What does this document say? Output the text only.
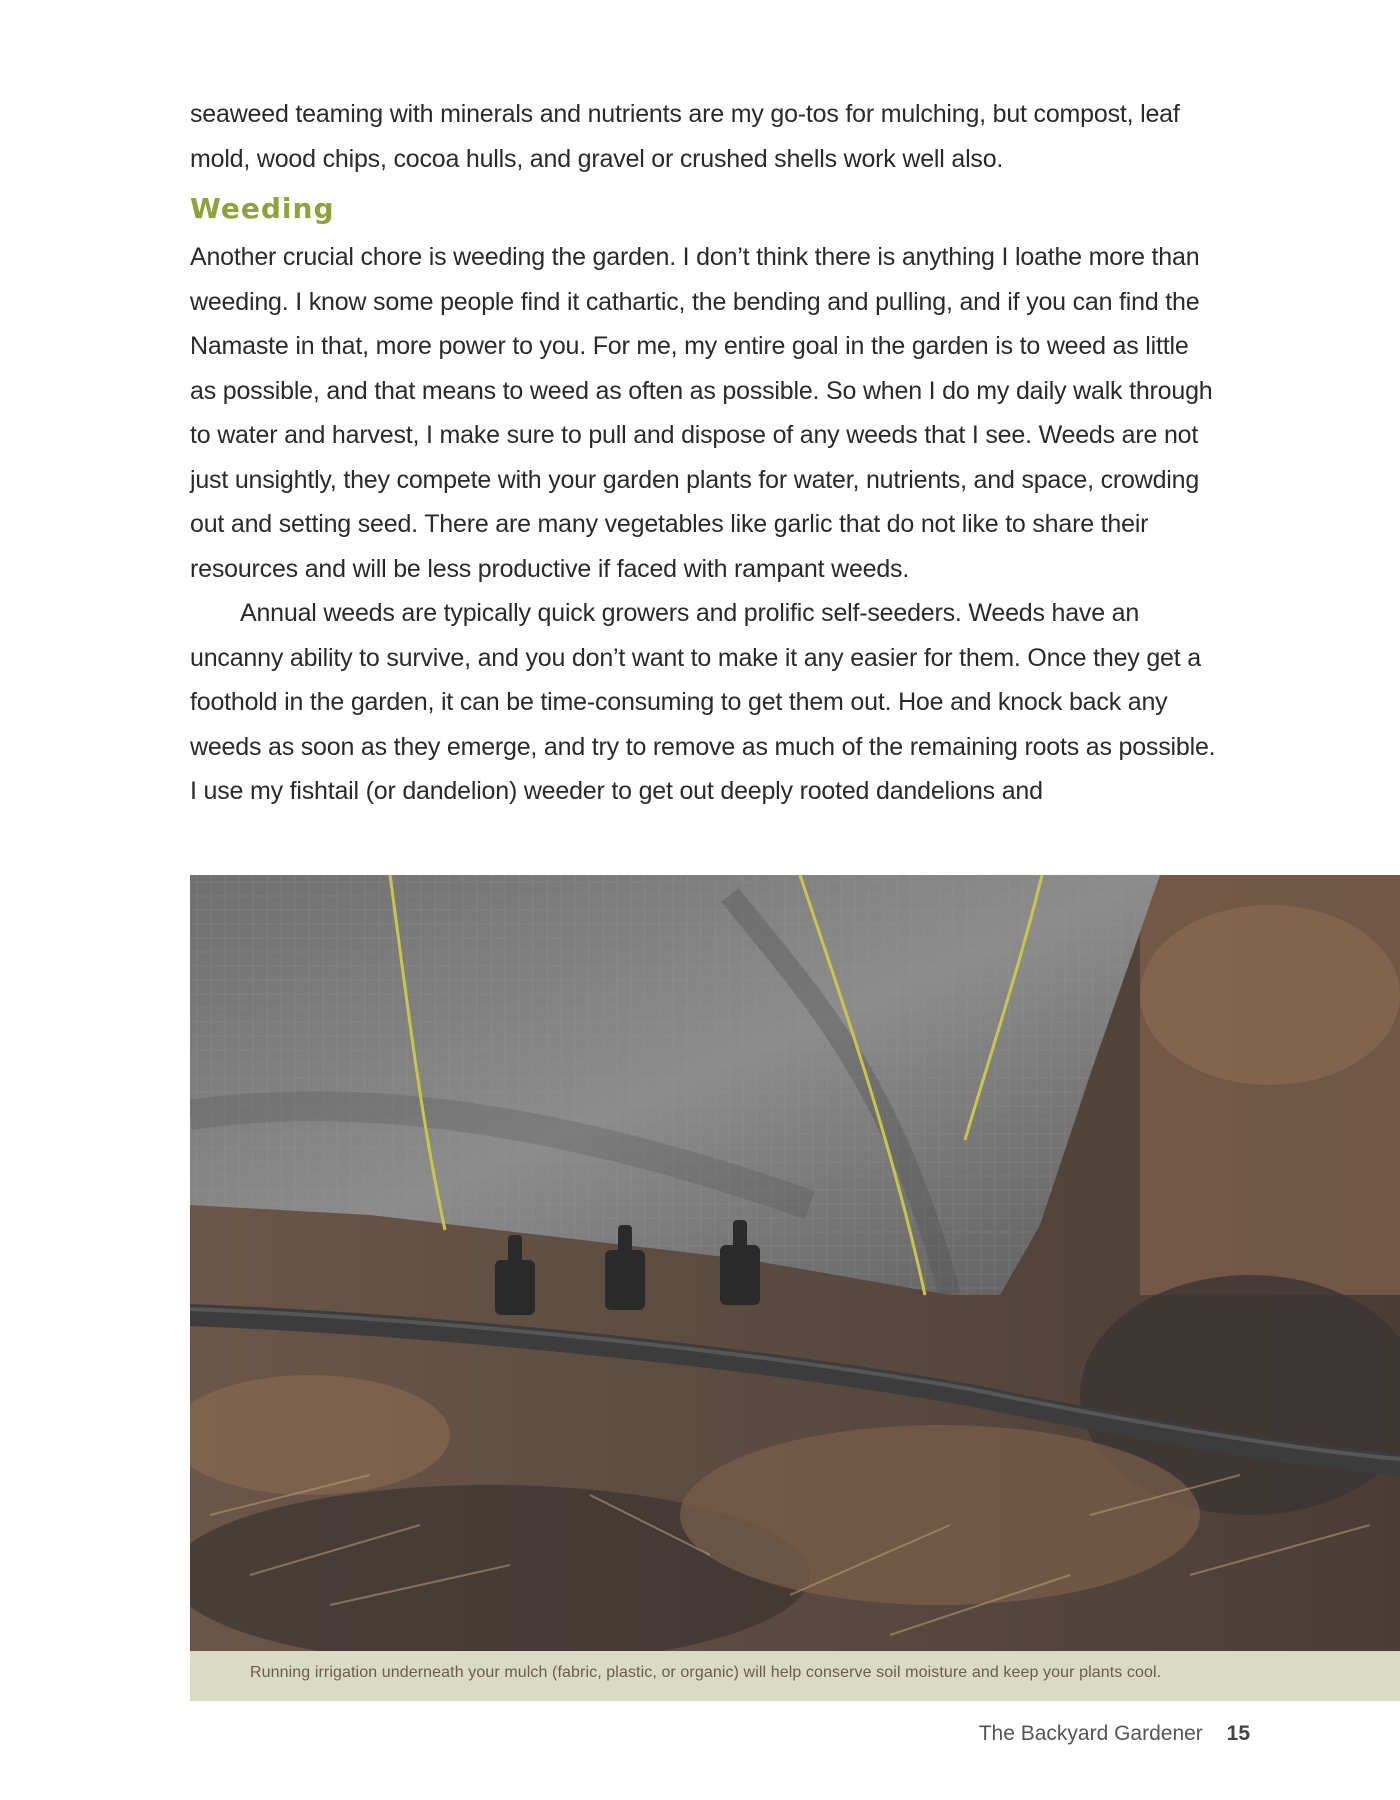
seaweed teaming with minerals and nutrients are my go-tos for mulching, but compost, leaf mold, wood chips, cocoa hulls, and gravel or crushed shells work well also.

Weeding

Another crucial chore is weeding the garden. I don’t think there is anything I loathe more than weeding. I know some people find it cathartic, the bending and pulling, and if you can find the Namaste in that, more power to you. For me, my entire goal in the garden is to weed as little as possible, and that means to weed as often as possible. So when I do my daily walk through to water and harvest, I make sure to pull and dispose of any weeds that I see. Weeds are not just unsightly, they compete with your garden plants for water, nutrients, and space, crowding out and setting seed. There are many vegetables like garlic that do not like to share their resources and will be less productive if faced with rampant weeds.

Annual weeds are typically quick growers and prolific self-seeders. Weeds have an uncanny ability to survive, and you don’t want to make it any easier for them. Once they get a foothold in the garden, it can be time-consuming to get them out. Hoe and knock back any weeds as soon as they emerge, and try to remove as much of the remaining roots as possible. I use my fishtail (or dandelion) weeder to get out deeply rooted dandelions and

Running irrigation underneath your mulch (fabric, plastic, or organic) will help conserve soil moisture and keep your plants cool.
The Backyard Gardener 15
